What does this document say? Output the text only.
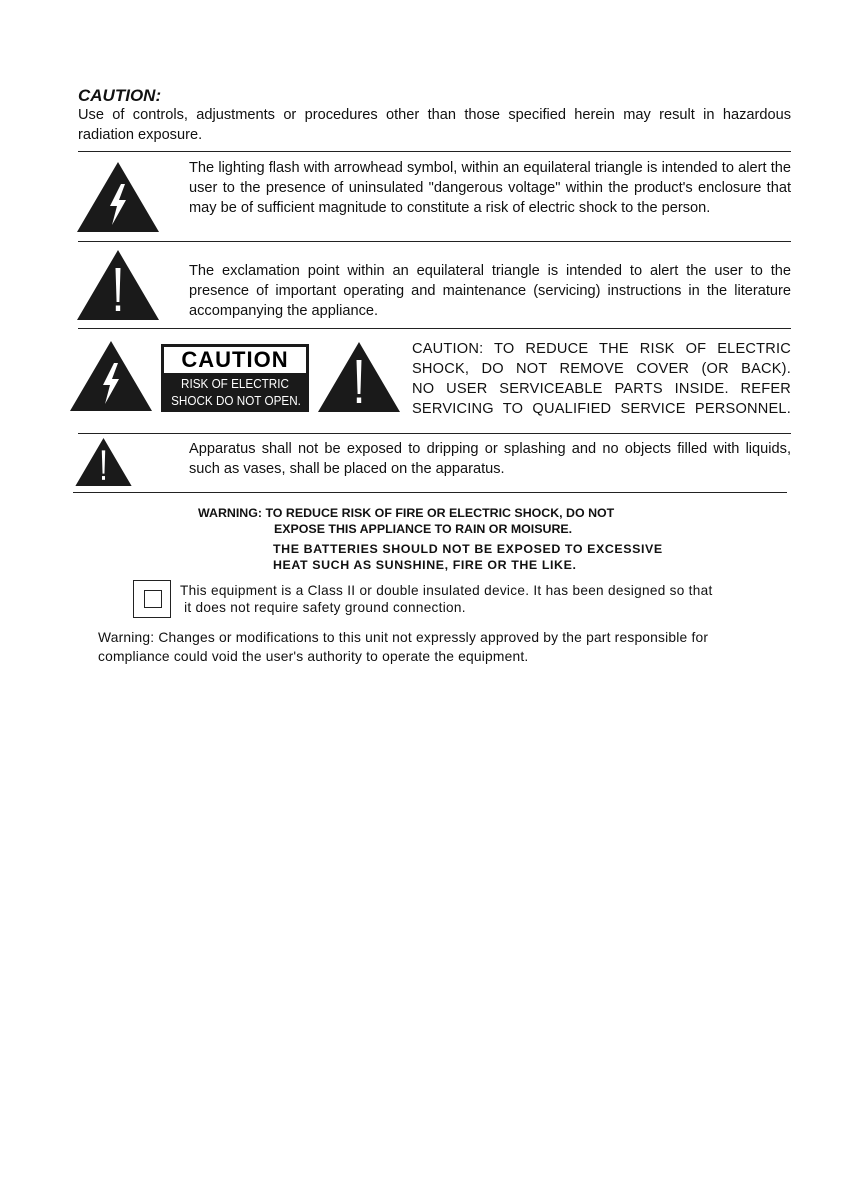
CAUTION:
Use of controls, adjustments or procedures other than those specified herein may result in hazardous
radiation exposure.
The lighting flash with arrowhead symbol, within an equilateral triangle is intended to alert the user to the presence of uninsulated "dangerous voltage" within the product's enclosure that may be of sufficient magnitude to constitute a risk of electric shock to the person.
The exclamation point within an equilateral triangle is intended to alert the user to the presence of important operating and maintenance (servicing) instructions in the literature accompanying the appliance.
CAUTION
RISK OF ELECTRIC
SHOCK DO NOT OPEN.
CAUTION: TO REDUCE THE RISK OF ELECTRIC
SHOCK, DO NOT REMOVE COVER (OR BACK).
NO USER SERVICEABLE PARTS INSIDE. REFER
SERVICING TO QUALIFIED SERVICE PERSONNEL.
Apparatus shall not be exposed to dripping or splashing and no objects filled with liquids, such as vases, shall be placed on the apparatus.
WARNING: TO REDUCE RISK OF FIRE OR ELECTRIC SHOCK, DO NOT
EXPOSE THIS APPLIANCE TO RAIN OR MOISURE.
THE BATTERIES SHOULD NOT BE EXPOSED TO EXCESSIVE
HEAT SUCH AS SUNSHINE, FIRE OR THE LIKE.
This equipment is a Class II or double insulated device. It has been designed so that
it does not require safety ground connection.
Warning: Changes or modifications to this unit not expressly approved by the part responsible for
compliance could void the user's authority to operate the equipment.
